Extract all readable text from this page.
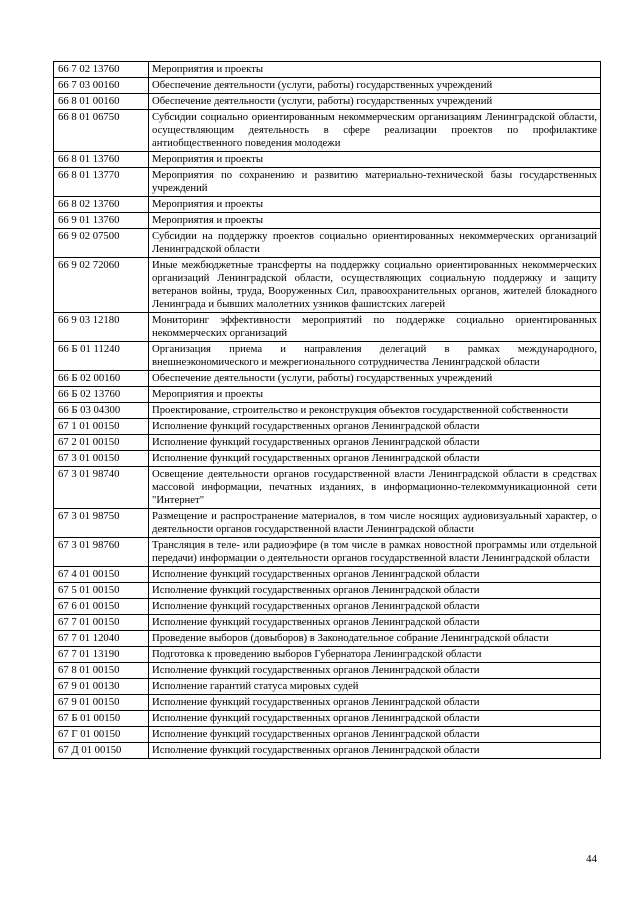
66 7 02 13760	Мероприятия и проекты
66 7 03 00160	Обеспечение деятельности (услуги, работы) государственных учреждений
66 8 01 00160	Обеспечение деятельности (услуги, работы) государственных учреждений
66 8 01 06750	Субсидии социально ориентированным некоммерческим организациям Ленинградской области, осуществляющим деятельность в сфере реализации проектов по профилактике антиобщественного поведения молодежи
66 8 01 13760	Мероприятия и проекты
66 8 01 13770	Мероприятия по сохранению и развитию материально-технической базы государственных учреждений
66 8 02 13760	Мероприятия и проекты
66 9 01 13760	Мероприятия и проекты
66 9 02 07500	Субсидии на поддержку проектов социально ориентированных некоммерческих организаций Ленинградской области
66 9 02 72060	Иные межбюджетные трансферты на поддержку социально ориентированных некоммерческих организаций Ленинградской области, осуществляющих социальную поддержку и защиту ветеранов войны, труда, Вооруженных Сил, правоохранительных органов, жителей блокадного Ленинграда и бывших малолетних узников фашистских лагерей
66 9 03 12180	Мониторинг эффективности мероприятий по поддержке социально ориентированных некоммерческих организаций
66 Б 01 11240	Организация приема и направления делегаций в рамках международного, внешнеэкономического и межрегионального сотрудничества Ленинградской области
66 Б 02 00160	Обеспечение деятельности (услуги, работы) государственных учреждений
66 Б 02 13760	Мероприятия и проекты
66 Б 03 04300	Проектирование, строительство и реконструкция объектов государственной собственности
67 1 01 00150	Исполнение функций государственных органов Ленинградской области
67 2 01 00150	Исполнение функций государственных органов Ленинградской области
67 3 01 00150	Исполнение функций государственных органов Ленинградской области
67 3 01 98740	Освещение деятельности органов государственной власти Ленинградской области в средствах массовой информации, печатных изданиях, в информационно-телекоммуникационной сети "Интернет"
67 3 01 98750	Размещение и распространение материалов, в том числе носящих аудиовизуальный характер, о деятельности органов государственной власти Ленинградской области
67 3 01 98760	Трансляция в теле- или радиоэфире (в том числе в рамках новостной программы или отдельной передачи) информации о деятельности органов государственной власти Ленинградской области
67 4 01 00150	Исполнение функций государственных органов Ленинградской области
67 5 01 00150	Исполнение функций государственных органов Ленинградской области
67 6 01 00150	Исполнение функций государственных органов Ленинградской области
67 7 01 00150	Исполнение функций государственных органов Ленинградской области
67 7 01 12040	Проведение выборов (довыборов) в Законодательное собрание Ленинградской области
67 7 01 13190	Подготовка к проведению выборов Губернатора Ленинградской области
67 8 01 00150	Исполнение функций государственных органов Ленинградской области
67 9 01 00130	Исполнение гарантий статуса мировых судей
67 9 01 00150	Исполнение функций государственных органов Ленинградской области
67 Б 01 00150	Исполнение функций государственных органов Ленинградской области
67 Г 01 00150	Исполнение функций государственных органов Ленинградской области
67 Д 01 00150	Исполнение функций государственных органов Ленинградской области
44
